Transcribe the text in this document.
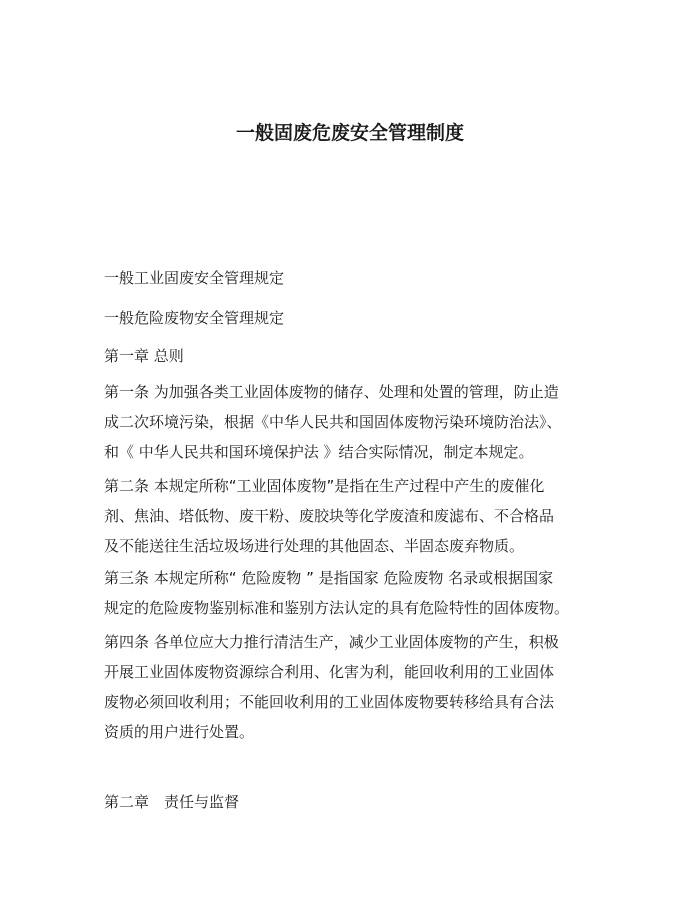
一般固废危废安全管理制度
一般工业固废安全管理规定
一般危险废物安全管理规定
第一章 总则
第一条 为加强各类工业固体废物的储存、处理和处置的管理，防止造
成二次环境污染，根据《中华人民共和国固体废物污染环境防治法》、
和《 中华人民共和国环境保护法 》结合实际情况，制定本规定。
第二条 本规定所称“工业固体废物”是指在生产过程中产生的废催化
剂、焦油、塔低物、废干粉、废胶块等化学废渣和废滤布、不合格品
及不能送往生活垃圾场进行处理的其他固态、半固态废弃物质。
第三条 本规定所称“ 危险废物 ” 是指国家 危险废物 名录或根据国家
规定的危险废物鉴别标准和鉴别方法认定的具有危险特性的固体废物。
第四条 各单位应大力推行清洁生产，减少工业固体废物的产生，积极
开展工业固体废物资源综合利用、化害为利，能回收利用的工业固体
废物必须回收利用；不能回收利用的工业固体废物要转移给具有合法
资质的用户进行处置。
第二章　责任与监督
